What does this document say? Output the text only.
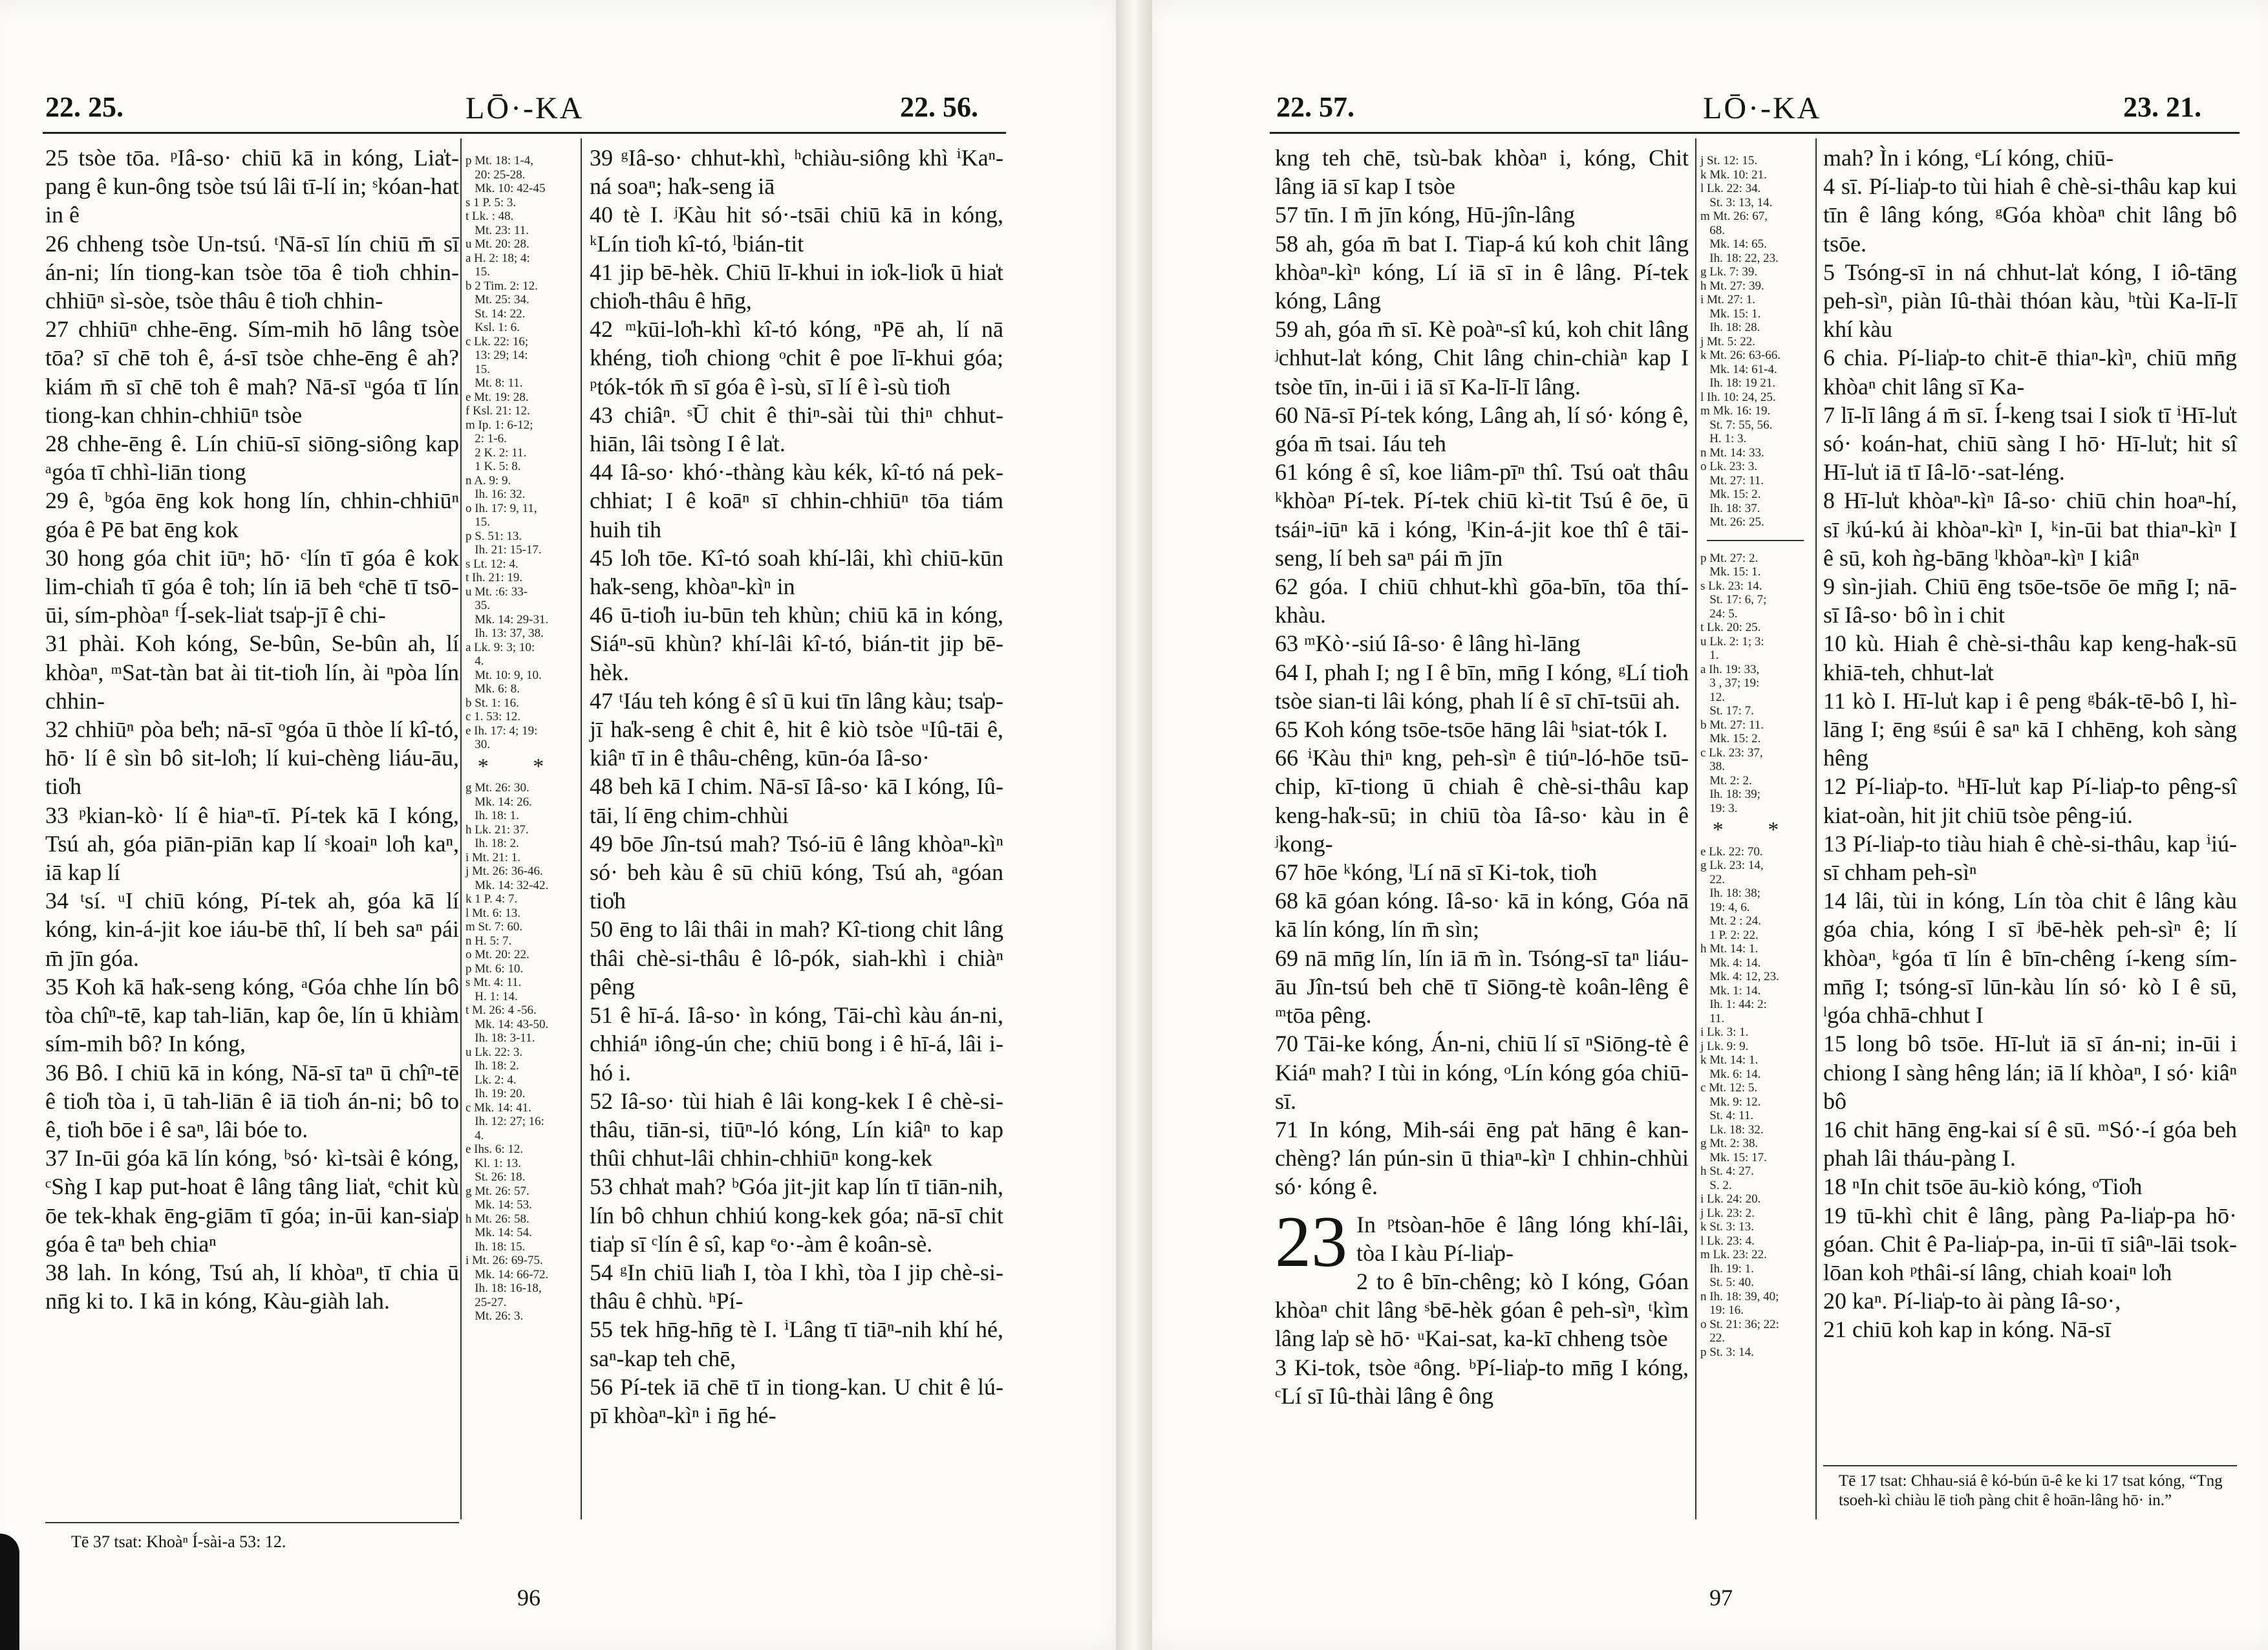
22. 25.	LŌ·-KA	22. 56.

25 tsòe tōa. ᵖIâ-so· chiū kā in kóng, Lia̍t-pang ê kun-ông tsòe tsú lâi tī-lí in; ˢkóan-hat in ê

26 chheng tsòe Un-tsú. ᵗNā-sī lín chiū m̄ sī án-ni; lín tiong-kan tsòe tōa ê tio̍h chhin-chhiūⁿ sì-sòe, tsòe thâu ê tio̍h chhin-

27 chhiūⁿ chhe-ēng. Sím-mih hō lâng tsòe tōa? sī chē toh ê, á-sī tsòe chhe-ēng ê ah? kiám m̄ sī chē toh ê mah? Nā-sī ᵘgóa tī lín tiong-kan chhin-chhiūⁿ tsòe

28 chhe-ēng ê. Lín chiū-sī siōng-siông kap ᵃgóa tī chhì-liān tiong

29 ê, ᵇgóa ēng kok hong lín, chhin-chhiūⁿ góa ê Pē bat ēng kok

30 hong góa chit iūⁿ; hō· ᶜlín tī góa ê kok lim-chia̍h tī góa ê toh; lín iā beh ᵉchē tī tsō-ūi, sím-phòaⁿ ᶠÍ-sek-lia̍t tsa̍p-jī ê chi-

31 phài. Koh kóng, Se-bûn, Se-bûn ah, lí khòaⁿ, ᵐSat-tàn bat ài tit-tio̍h lín, ài ⁿpòa lín chhin-

32 chhiūⁿ pòa be̍h; nā-sī ᵒgóa ū thòe lí kî-tó, hō· lí ê sìn bô sit-lo̍h; lí kui-chèng liáu-āu, tio̍h

33 ᵖkian-kò· lí ê hiaⁿ-tī. Pí-tek kā I kóng, Tsú ah, góa piān-piān kap lí ˢkoaiⁿ lo̍h kaⁿ, iā kap lí

34 ᵗsí. ᵘI chiū kóng, Pí-tek ah, góa kā lí kóng, kin-á-jit koe iáu-bē thî, lí beh saⁿ pái m̄ jīn góa.

35 Koh kā ha̍k-seng kóng, ᵃGóa chhe lín bô tòa chîⁿ-tē, kap tah-liān, kap ôe, lín ū khiàm sím-mih bô? In kóng,

36 Bô. I chiū kā in kóng, Nā-sī taⁿ ū chîⁿ-tē ê tio̍h tòa i, ū tah-liān ê iā tio̍h án-ni; bô to ê, tio̍h bōe i ê saⁿ, lâi bóe to.

37 In-ūi góa kā lín kóng, ᵇsó· kì-tsài ê kóng, ᶜSǹg I kap put-hoat ê lâng tâng lia̍t, ᵉchit kù ōe tek-khak ēng-giām tī góa; in-ūi kan-sia̍p góa ê taⁿ beh chiaⁿ

38 lah. In kóng, Tsú ah, lí khòaⁿ, tī chia ū nn̄g ki to. I kā in kóng, Kàu-giàh lah.

p Mt. 18: 1-4,
20: 25-28.
Mk. 10: 42-45
s 1 P. 5: 3.
t Lk. : 48.
Mt. 23: 11.
u Mt. 20: 28.
a H. 2: 18; 4:
15.
b 2 Tim. 2: 12.
Mt. 25: 34.
St. 14: 22.
Ksl. 1: 6.
c Lk. 22: 16;
13: 29; 14:
15.
Mt. 8: 11.
e Mt. 19: 28.
f Ksl. 21: 12.
m Ip. 1: 6-12;
2: 1-6.
2 K. 2: 11.
1 K. 5: 8.
n A. 9: 9.
Ih. 16: 32.
o Ih. 17: 9, 11,
15.
p S. 51: 13.
Ih. 21: 15-17.
s Lt. 12: 4.
t Ih. 21: 19.
u Mt. :6: 33-
35.
Mk. 14: 29-31.
Ih. 13: 37, 38.
a Lk. 9: 3; 10:
4.
Mt. 10: 9, 10.
Mk. 6: 8.
b St. 1: 16.
c 1. 53: 12.
e Ih. 17: 4; 19:
30.
* *
g Mt. 26: 30.
Mk. 14: 26.
Ih. 18: 1.
h Lk. 21: 37.
Ih. 18: 2.
i Mt. 21: 1.
j Mt. 26: 36-46.
Mk. 14: 32-42.
k 1 P. 4: 7.
l Mt. 6: 13.
m St. 7: 60.
n H. 5: 7.
o Mt. 20: 22.
p Mt. 6: 10.
s Mt. 4: 11.
H. 1: 14.
t M. 26: 4 -56.
Mk. 14: 43-50.
Ih. 18: 3-11.
u Lk. 22: 3.
Ih. 18: 2.
Lk. 2: 4.
Ih. 19: 20.
c Mk. 14: 41.
Ih. 12: 27; 16:
4.
e Ihs. 6: 12.
Kl. 1: 13.
St. 26: 18.
g Mt. 26: 57.
Mk. 14: 53.
h Mt. 26: 58.
Mk. 14: 54.
Ih. 18: 15.
i Mt. 26: 69-75.
Mk. 14: 66-72.
Ih. 18: 16-18,
25-27.
Mt. 26: 3.

39 ᵍIâ-so· chhut-khì, ʰchiàu-siông khì ⁱKaⁿ-ná soaⁿ; ha̍k-seng iā

40 tè I. ʲKàu hit só·-tsāi chiū kā in kóng, ᵏLín tio̍h kî-tó, ˡbián-tit

41 jip bē-hèk. Chiū lī-khui in io̍k-lio̍k ū hia̍t chio̍h-thâu ê hn̄g,

42 ᵐkūi-lo̍h-khì kî-tó kóng, ⁿPē ah, lí nā khéng, tio̍h chiong ᵒchit ê poe lī-khui góa; ᵖtók-tók m̄ sī góa ê ì-sù, sī lí ê ì-sù tio̍h

43 chiâⁿ. ˢŪ chit ê thiⁿ-sài tùi thiⁿ chhut-hiān, lâi tsòng I ê la̍t.

44 Iâ-so· khó·-thàng kàu kék, kî-tó ná pek-chhiat; I ê koāⁿ sī chhin-chhiūⁿ tōa tiám huih tih

45 lo̍h tōe. Kî-tó soah khí-lâi, khì chiū-kūn ha̍k-seng, khòaⁿ-kìⁿ in

46 ū-tio̍h iu-būn teh khùn; chiū kā in kóng, Siáⁿ-sū khùn? khí-lâi kî-tó, bián-tit jip bē-hèk.

47 ᵗIáu teh kóng ê sî ū kui tīn lâng kàu; tsa̍p-jī ha̍k-seng ê chit ê, hit ê kiò tsòe ᵘIû-tāi ê, kiâⁿ tī in ê thâu-chêng, kūn-óa Iâ-so·

48 beh kā I chim. Nā-sī Iâ-so· kā I kóng, Iû-tāi, lí ēng chim-chhùi

49 bōe Jîn-tsú mah? Tsó-iū ê lâng khòaⁿ-kìⁿ só· beh kàu ê sū chiū kóng, Tsú ah, ᵃgóan tio̍h

50 ēng to lâi thâi in mah? Kî-tiong chit lâng thâi chè-si-thâu ê lô-pók, siah-khì i chiàⁿ pêng

51 ê hī-á. Iâ-so· ìn kóng, Tāi-chì kàu án-ni, chhiáⁿ iông-ún che; chiū bong i ê hī-á, lâi i-hó i.

52 Iâ-so· tùi hiah ê lâi kong-kek I ê chè-si-thâu, tiān-si, tiūⁿ-ló kóng, Lín kiâⁿ to kap thûi chhut-lâi chhin-chhiūⁿ kong-kek

53 chha̍t mah? ᵇGóa jit-jit kap lín tī tiān-nih, lín bô chhun chhiú kong-kek góa; nā-sī chit tia̍p sī ᶜlín ê sî, kap ᵉo·-àm ê koân-sè.

54 ᵍIn chiū lia̍h I, tòa I khì, tòa I jip chè-si-thâu ê chhù. ʰPí-

55 tek hn̄g-hn̄g tè I. ⁱLâng tī tiāⁿ-nih khí hé, saⁿ-kap teh chē,

56 Pí-tek iā chē tī in tiong-kan. U chit ê lú-pī khòaⁿ-kìⁿ i n̄g hé-

Tē 37 tsat: Khoàⁿ Í-sài-a 53: 12.
96
22. 57.	LŌ·-KA	23. 21.

kng teh chē, tsù-bak khòaⁿ i, kóng, Chit lâng iā sī kap I tsòe

57 tīn. I m̄ jīn kóng, Hū-jîn-lâng

58 ah, góa m̄ bat I. Tiap-á kú koh chit lâng khòaⁿ-kìⁿ kóng, Lí iā sī in ê lâng. Pí-tek kóng, Lâng

59 ah, góa m̄ sī. Kè poàⁿ-sî kú, koh chit lâng ʲchhut-la̍t kóng, Chit lâng chin-chiàⁿ kap I tsòe tīn, in-ūi i iā sī Ka-lī-lī lâng.

60 Nā-sī Pí-tek kóng, Lâng ah, lí só· kóng ê, góa m̄ tsai. Iáu teh

61 kóng ê sî, koe liâm-pīⁿ thî. Tsú oa̍t thâu ᵏkhòaⁿ Pí-tek. Pí-tek chiū kì-tit Tsú ê ōe, ū tsáiⁿ-iūⁿ kā i kóng, ˡKin-á-jit koe thî ê tāi-seng, lí beh saⁿ pái m̄ jīn

62 góa. I chiū chhut-khì gōa-bīn, tōa thí-khàu.

63 ᵐKò·-siú Iâ-so· ê lâng hì-lāng

64 I, phah I; ng I ê bīn, mn̄g I kóng, ᵍLí tio̍h tsòe sian-ti lâi kóng, phah lí ê sī chī-tsūi ah.

65 Koh kóng tsōe-tsōe hāng lâi ʰsiat-tók I.

66 ⁱKàu thiⁿ kng, peh-sìⁿ ê tiúⁿ-ló-hōe tsū-chip, kī-tiong ū chiah ê chè-si-thâu kap keng-ha̍k-sū; in chiū tòa Iâ-so· kàu in ê ʲkong-

67 hōe ᵏkóng, ˡLí nā sī Ki-tok, tio̍h

68 kā góan kóng. Iâ-so· kā in kóng, Góa nā kā lín kóng, lín m̄ sìn;

69 nā mn̄g lín, lín iā m̄ ìn. Tsóng-sī taⁿ liáu-āu Jîn-tsú beh chē tī Siōng-tè koân-lêng ê ᵐtōa pêng.

70 Tāi-ke kóng, Án-ni, chiū lí sī ⁿSiōng-tè ê Kiáⁿ mah? I tùi in kóng, ᵒLín kóng góa chiū-sī.

71 In kóng, Mih-sái ēng pa̍t hāng ê kan-chèng? lán pún-sin ū thiaⁿ-kìⁿ I chhin-chhùi só· kóng ê.

23 In ᵖtsòan-hōe ê lâng lóng khí-lâi, tòa I kàu Pí-lia̍p-

2 to ê bīn-chêng; kò I kóng, Góan khòaⁿ chit lâng ˢbē-hèk góan ê peh-sìⁿ, ᵗkìm lâng la̍p sè hō· ᵘKai-sat, ka-kī chheng tsòe

3 Ki-tok, tsòe ᵃông. ᵇPí-lia̍p-to mn̄g I kóng, ᶜLí sī Iû-thài lâng ê ông

j St. 12: 15.
k Mk. 10: 21.
l Lk. 22: 34.
St. 3: 13, 14.
m Mt. 26: 67,
68.
Mk. 14: 65.
Ih. 18: 22, 23.
g Lk. 7: 39.
h Mt. 27: 39.
i Mt. 27: 1.
Mk. 15: 1.
Ih. 18: 28.
j Mt. 5: 22.
k Mt. 26: 63-66.
Mk. 14: 61-4.
Ih. 18: 19 21.
l Ih. 10: 24, 25.
m Mk. 16: 19.
St. 7: 55, 56.
H. 1: 3.
n Mt. 14: 33.
o Lk. 23: 3.
Mt. 27: 11.
Mk. 15: 2.
Ih. 18: 37.
Mt. 26: 25.
p Mt. 27: 2.
Mk. 15: 1.
s Lk. 23: 14.
St. 17: 6, 7;
24: 5.
t Lk. 20: 25.
u Lk. 2: 1; 3:
1.
a Ih. 19: 33,
3 , 37; 19:
12.
St. 17: 7.
b Mt. 27: 11.
Mk. 15: 2.
c Lk. 23: 37,
38.
Mt. 2: 2.
Ih. 18: 39;
19: 3.
* *
e Lk. 22: 70.
g Lk. 23: 14,
22.
Ih. 18: 38;
19: 4, 6.
Mt. 2 : 24.
1 P. 2: 22.
h Mt. 14: 1.
Mk. 4: 14.
Mk. 4: 12, 23.
Mk. 1: 14.
Ih. 1: 44: 2:
11.
i Lk. 3: 1.
j Lk. 9: 9.
k Mt. 14: 1.
Mk. 6: 14.
c Mt. 12: 5.
Mk. 9: 12.
St. 4: 11.
Lk. 18: 32.
g Mt. 2: 38.
Mk. 15: 17.
h St. 4: 27.
S. 2.
i Lk. 24: 20.
j Lk. 23: 2.
k St. 3: 13.
l Lk. 23: 4.
m Lk. 23: 22.
Ih. 19: 1.
St. 5: 40.
n Ih. 18: 39, 40;
19: 16.
o St. 21: 36; 22:
22.
p St. 3: 14.

mah? Ìn i kóng, ᵉLí kóng, chiū-

4 sī. Pí-lia̍p-to tùi hiah ê chè-si-thâu kap kui tīn ê lâng kóng, ᵍGóa khòaⁿ chit lâng bô tsōe.

5 Tsóng-sī in ná chhut-la̍t kóng, I iô-tāng peh-sìⁿ, piàn Iû-thài thóan kàu, ʰtùi Ka-lī-lī khí kàu

6 chia. Pí-lia̍p-to chit-ē thiaⁿ-kìⁿ, chiū mn̄g khòaⁿ chit lâng sī Ka-

7 lī-lī lâng á m̄ sī. Í-keng tsai I sio̍k tī ⁱHī-lu̍t só· koán-hat, chiū sàng I hō· Hī-lu̍t; hit sî Hī-lu̍t iā tī Iâ-lō·-sat-léng.

8 Hī-lu̍t khòaⁿ-kìⁿ Iâ-so· chiū chin hoaⁿ-hí, sī ʲkú-kú ài khòaⁿ-kìⁿ I, ᵏin-ūi bat thiaⁿ-kìⁿ I ê sū, koh ǹg-bāng ˡkhòaⁿ-kìⁿ I kiâⁿ

9 sìn-jiah. Chiū ēng tsōe-tsōe ōe mn̄g I; nā-sī Iâ-so· bô ìn i chit

10 kù. Hiah ê chè-si-thâu kap keng-ha̍k-sū khiā-teh, chhut-la̍t

11 kò I. Hī-lu̍t kap i ê peng ᵍbák-tē-bô I, hì-lāng I; ēng ᵍsúi ê saⁿ kā I chhēng, koh sàng hêng

12 Pí-lia̍p-to. ʰHī-lu̍t kap Pí-lia̍p-to pêng-sî kiat-oàn, hit jit chiū tsòe pêng-iú.

13 Pí-lia̍p-to tiàu hiah ê chè-si-thâu, kap ⁱiú-sī chham peh-sìⁿ

14 lâi, tùi in kóng, Lín tòa chit ê lâng kàu góa chia, kóng I sī ʲbē-hèk peh-sìⁿ ê; lí khòaⁿ, ᵏgóa tī lín ê bīn-chêng í-keng sím-mn̄g I; tsóng-sī lūn-kàu lín só· kò I ê sū, ˡgóa chhā-chhut I

15 long bô tsōe. Hī-lu̍t iā sī án-ni; in-ūi i chiong I sàng hêng lán; iā lí khòaⁿ, I só· kiâⁿ bô

16 chit hāng ēng-kai sí ê sū. ᵐSó·-í góa beh phah lâi tháu-pàng I.

18 ⁿIn chit tsōe āu-kiò kóng, ᵒTio̍h

19 tū-khì chit ê lâng, pàng Pa-lia̍p-pa hō· góan. Chit ê Pa-lia̍p-pa, in-ūi tī siâⁿ-lāi tsok-lōan koh ᵖthâi-sí lâng, chiah koaiⁿ lo̍h

20 kaⁿ. Pí-lia̍p-to ài pàng Iâ-so·,

21 chiū koh kap in kóng. Nā-sī

Tē 17 tsat: Chhau-siá ê kó-bún ū-ê ke ki 17 tsat kóng, “Tng tsoeh-kì chiàu lē tio̍h pàng chit ê hoān-lâng hō· in.”
97
